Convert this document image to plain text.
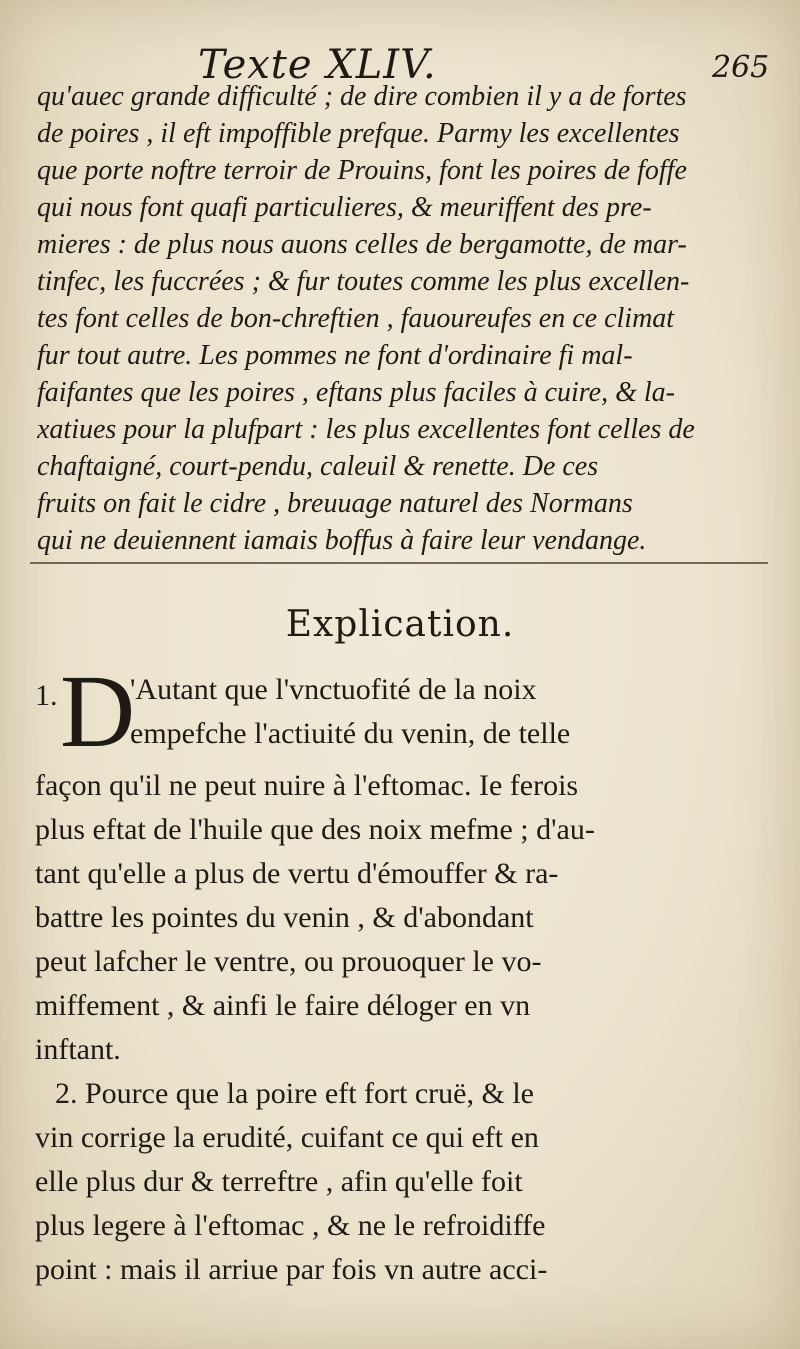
Texte XLIV.	265
qu'auec grande difficulté ; de dire combien il y a de fortes
de poires , il eft impoffible prefque. Parmy les excellentes
que porte noftre terroir de Prouins, font les poires de foffe
qui nous font quafi particulieres, & meuriffent des pre-
mieres : de plus nous auons celles de bergamotte, de mar-
tinfec, les fuccrées ; & fur toutes comme les plus excellen-
tes font celles de bon-chreftien , fauoureufes en ce climat
fur tout autre. Les pommes ne font d'ordinaire fi mal-
faifantes que les poires , eftans plus faciles à cuire, & la-
xatiues pour la plufpart : les plus excellentes font celles de
chaftaigné, court-pendu, caleuil & renette. De ces
fruits on fait le cidre , breuuage naturel des Normans
qui ne deuiennent iamais boffus à faire leur vendange.
Explication.
1. D
'Autant que l'vnctuofité de la noix
empefche l'actiuité du venin, de telle
façon qu'il ne peut nuire à l'eftomac. Ie ferois
plus eftat de l'huile que des noix mefme ; d'au-
tant qu'elle a plus de vertu d'émouffer & ra-
battre les pointes du venin , & d'abondant
peut lafcher le ventre, ou prouoquer le vo-
miffement , & ainfi le faire déloger en vn
inftant.
2. Pource que la poire eft fort cruë, & le
vin corrige la erudité, cuifant ce qui eft en
elle plus dur & terreftre , afin qu'elle foit
plus legere à l'eftomac , & ne le refroidiffe
point : mais il arriue par fois vn autre acci-
